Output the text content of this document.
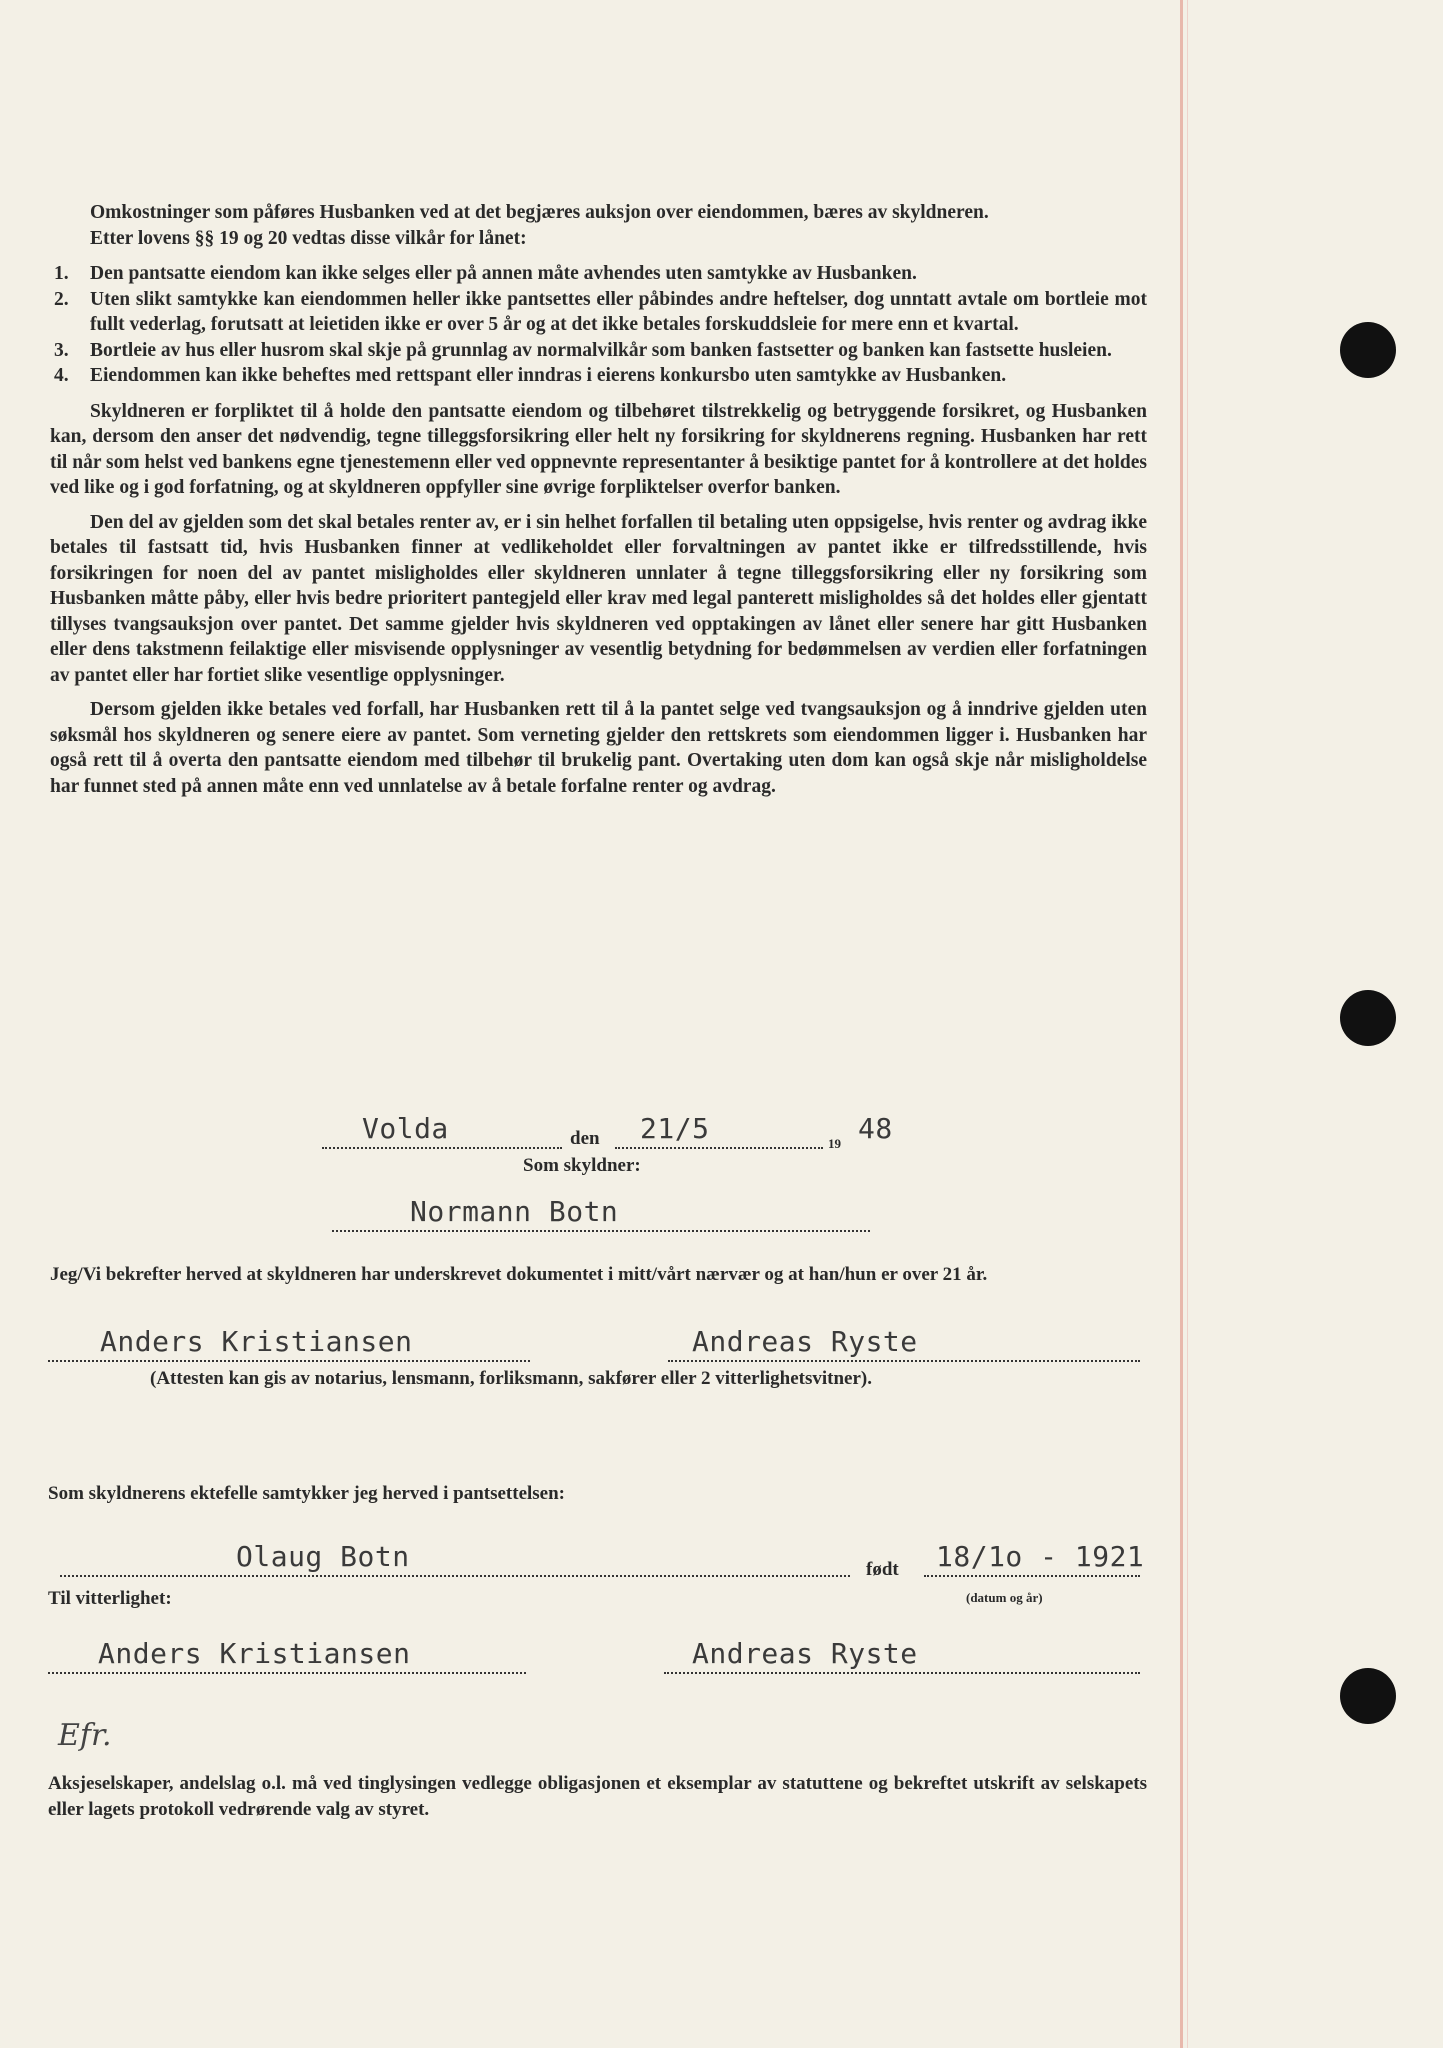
Omkostninger som påføres Husbanken ved at det begjæres auksjon over eiendommen, bæres av skyldneren.

Etter lovens §§ 19 og 20 vedtas disse vilkår for lånet:

1. Den pantsatte eiendom kan ikke selges eller på annen måte avhendes uten samtykke av Husbanken.
2. Uten slikt samtykke kan eiendommen heller ikke pantsettes eller påbindes andre heftelser, dog unntatt avtale om bortleie mot fullt vederlag, forutsatt at leietiden ikke er over 5 år og at det ikke betales forskuddsleie for mere enn et kvartal.
3. Bortleie av hus eller husrom skal skje på grunnlag av normalvilkår som banken fastsetter og banken kan fastsette husleien.
4. Eiendommen kan ikke beheftes med rettspant eller inndras i eierens konkursbo uten samtykke av Husbanken.

Skyldneren er forpliktet til å holde den pantsatte eiendom og tilbehøret tilstrekkelig og betryggende forsikret, og Husbanken kan, dersom den anser det nødvendig, tegne tilleggsforsikring eller helt ny forsikring for skyldnerens regning. Husbanken har rett til når som helst ved bankens egne tjenestemenn eller ved oppnevnte representanter å besiktige pantet for å kontrollere at det holdes ved like og i god forfatning, og at skyldneren oppfyller sine øvrige forpliktelser overfor banken.

Den del av gjelden som det skal betales renter av, er i sin helhet forfallen til betaling uten oppsigelse, hvis renter og avdrag ikke betales til fastsatt tid, hvis Husbanken finner at vedlikeholdet eller forvaltningen av pantet ikke er tilfredsstillende, hvis forsikringen for noen del av pantet misligholdes eller skyldneren unnlater å tegne tilleggsforsikring eller ny forsikring som Husbanken måtte påby, eller hvis bedre prioritert pantegjeld eller krav med legal panterett misligholdes så det holdes eller gjentatt tillyses tvangsauksjon over pantet. Det samme gjelder hvis skyldneren ved opptakingen av lånet eller senere har gitt Husbanken eller dens takstmenn feilaktige eller misvisende opplysninger av vesentlig betydning for bedømmelsen av verdien eller forfatningen av pantet eller har fortiet slike vesentlige opplysninger.

Dersom gjelden ikke betales ved forfall, har Husbanken rett til å la pantet selge ved tvangsauksjon og å inndrive gjelden uten søksmål hos skyldneren og senere eiere av pantet. Som verneting gjelder den rettskrets som eiendommen ligger i. Husbanken har også rett til å overta den pantsatte eiendom med tilbehør til brukelig pant. Overtaking uten dom kan også skje når misligholdelse har funnet sted på annen måte enn ved unnlatelse av å betale forfalne renter og avdrag.

Volda	den 21/5	19 48
Som skyldner:
Normann Botn
Jeg/Vi bekrefter herved at skyldneren har underskrevet dokumentet i mitt/vårt nærvær og at han/hun er over 21 år.
Anders Kristiansen	Andreas Ryste
(Attesten kan gis av notarius, lensmann, forliksmann, sakfører eller 2 vitterlighetsvitner).
Som skyldnerens ektefelle samtykker jeg herved i pantsettelsen:
Olaug Botn	født 18/1o - 1921
(datum og år)
Til vitterlighet:
Anders Kristiansen	Andreas Ryste
Efr.
Aksjeselskaper, andelslag o.l. må ved tinglysingen vedlegge obligasjonen et eksemplar av statuttene og bekreftet utskrift av selskapets eller lagets protokoll vedrørende valg av styret.
